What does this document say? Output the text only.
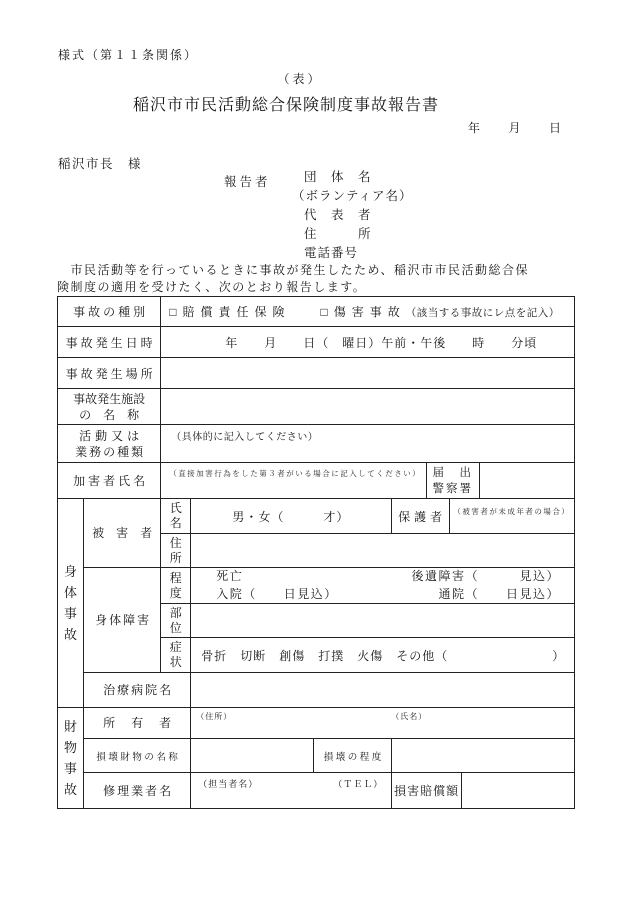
様式（第１１条関係）
（表）
稲沢市市民活動総合保険制度事故報告書
年　　月　　日
稲沢市長　様
報告者	団　体　名
（ボランティア名）
代　表　者
住　　　所
電話番号
　市民活動等を行っているときに事故が発生したため、稲沢市市民活動総合保
険制度の適用を受けたく、次のとおり報告します。
事故の種別		□賠償責任保険 □傷害事故（該当する事故にレ点を記入）							

事故発生日時		年　　月　　日（　曜日）午前・午後　　時　　分頃							

事故発生場所									

事故発生施設
の　名　称									

活動又は 業務の種類		（具体的に記入してください）							

加害者氏名		（直接加害行為をした第３者がいる場合に記入してください）				届　出
警察署			

身体事故	被　害　者	氏名	男・女（　　　才）		保護者		（被害者が未成年者の場合）		

		住所							

	身体障害	程度	死亡 後遺障害（　　　見込）
入院（　　日見込） 通院（　　日見込）						

		部位							

		症状	骨折　切断　創傷　打撲　火傷　その他（　　　　　　　　）						

	治療病院名								

財物事故	所　有　者		（住所） （氏名）						

	損壊財物の名称			損壊の程度					
	修理業者名		（担当者名） （ＴＥＬ）		損害賠償額				
